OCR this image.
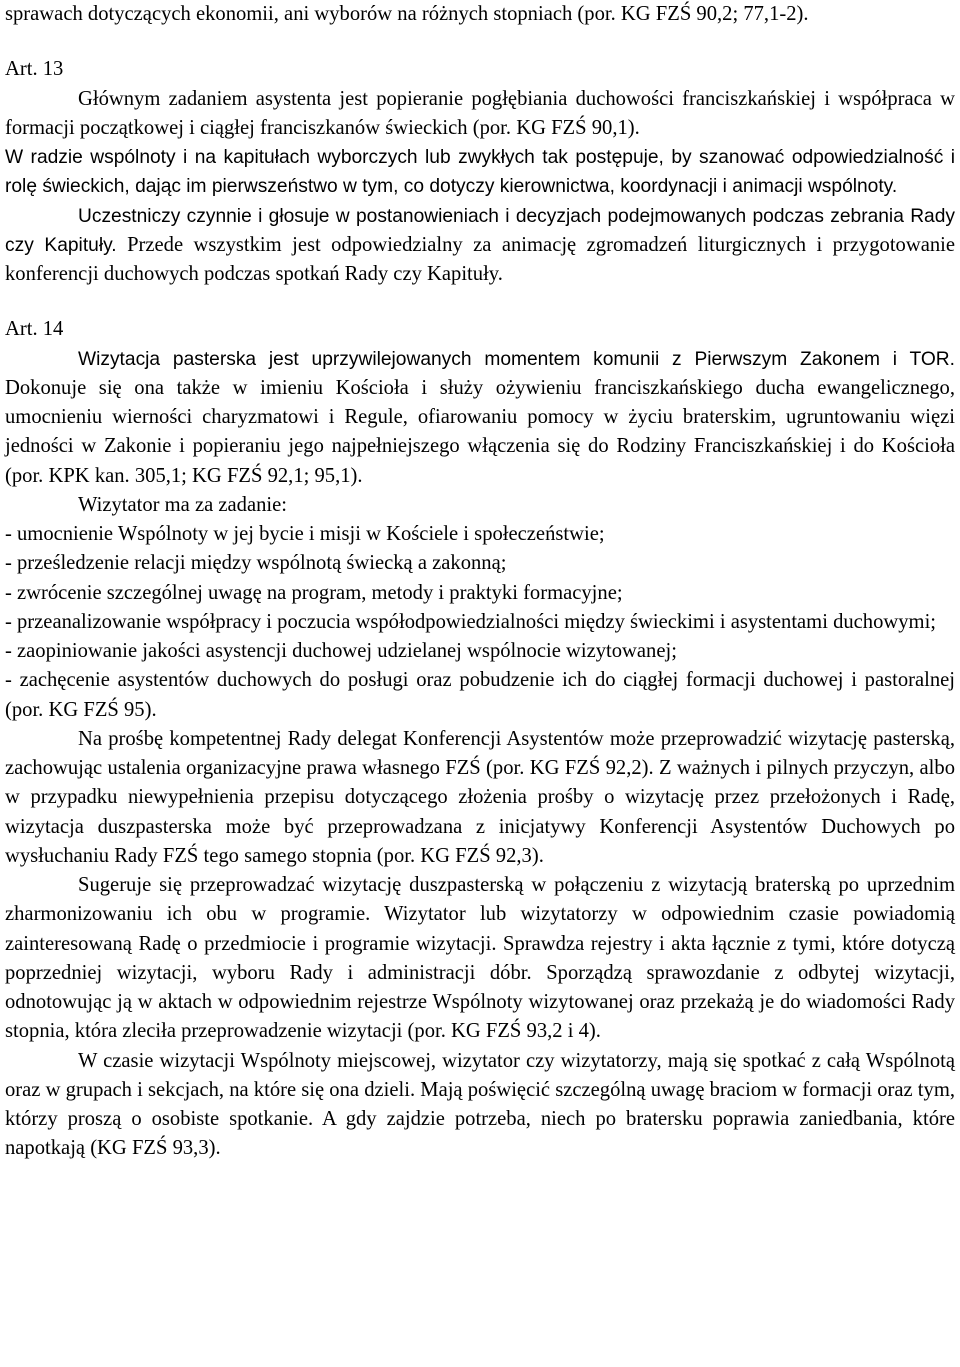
sprawach dotyczących ekonomii, ani wyborów na różnych stopniach (por. KG FZŚ 90,2; 77,1-2).

Art. 13

Głównym zadaniem asystenta jest popieranie pogłębiania duchowości franciszkańskiej i współpraca w formacji początkowej i ciągłej franciszkanów świeckich (por. KG FZŚ 90,1).

W radzie wspólnoty i na kapitułach wyborczych lub zwykłych tak postępuje, by szanować odpowiedzialność i rolę świeckich, dając im pierwszeństwo w tym, co dotyczy kierownictwa, koordynacji i animacji wspólnoty.

Uczestniczy czynnie i głosuje w postanowieniach i decyzjach podejmowanych podczas zebrania Rady czy Kapituły. Przede wszystkim jest odpowiedzialny za animację zgromadzeń liturgicznych i przygotowanie konferencji duchowych podczas spotkań Rady czy Kapituły.

Art. 14

Wizytacja pasterska jest uprzywilejowanych momentem komunii z Pierwszym Zakonem i TOR. Dokonuje się ona także w imieniu Kościoła i służy ożywieniu franciszkańskiego ducha ewangelicznego, umocnieniu wierności charyzmatowi i Regule, ofiarowaniu pomocy w życiu braterskim, ugruntowaniu więzi jedności w Zakonie i popieraniu jego najpełniejszego włączenia się do Rodziny Franciszkańskiej i do Kościoła (por. KPK kan. 305,1; KG FZŚ 92,1; 95,1).

Wizytator ma za zadanie:

- umocnienie Wspólnoty w jej bycie i misji w Kościele i społeczeństwie;

- prześledzenie relacji między wspólnotą świecką a zakonną;

- zwrócenie szczególnej uwagę na program, metody i praktyki formacyjne;

- przeanalizowanie współpracy i poczucia współodpowiedzialności między świeckimi i asystentami duchowymi;

- zaopiniowanie jakości asystencji duchowej udzielanej wspólnocie wizytowanej;

- zachęcenie asystentów duchowych do posługi oraz pobudzenie ich do ciągłej formacji duchowej i pastoralnej (por. KG FZŚ 95).

Na prośbę kompetentnej Rady delegat Konferencji Asystentów może przeprowadzić wizytację pasterską, zachowując ustalenia organizacyjne prawa własnego FZŚ (por. KG FZŚ 92,2). Z ważnych i pilnych przyczyn, albo w przypadku niewypełnienia przepisu dotyczącego złożenia prośby o wizytację przez przełożonych i Radę, wizytacja duszpasterska może być przeprowadzana z inicjatywy Konferencji Asystentów Duchowych po wysłuchaniu Rady FZŚ tego samego stopnia (por. KG FZŚ 92,3).

Sugeruje się przeprowadzać wizytację duszpasterską w połączeniu z wizytacją braterską po uprzednim zharmonizowaniu ich obu w programie. Wizytator lub wizytatorzy w odpowiednim czasie powiadomią zainteresowaną Radę o przedmiocie i programie wizytacji. Sprawdza rejestry i akta łącznie z tymi, które dotyczą poprzedniej wizytacji, wyboru Rady i administracji dóbr. Sporządzą sprawozdanie z odbytej wizytacji, odnotowując ją w aktach w odpowiednim rejestrze Wspólnoty wizytowanej oraz przekażą je do wiadomości Rady stopnia, która zleciła przeprowadzenie wizytacji (por. KG FZŚ 93,2 i 4).

W czasie wizytacji Wspólnoty miejscowej, wizytator czy wizytatorzy, mają się spotkać z całą Wspólnotą oraz w grupach i sekcjach, na które się ona dzieli. Mają poświęcić szczególną uwagę braciom w formacji oraz tym, którzy proszą o osobiste spotkanie. A gdy zajdzie potrzeba, niech po bratersku poprawia zaniedbania, które napotkają (KG FZŚ 93,3).
